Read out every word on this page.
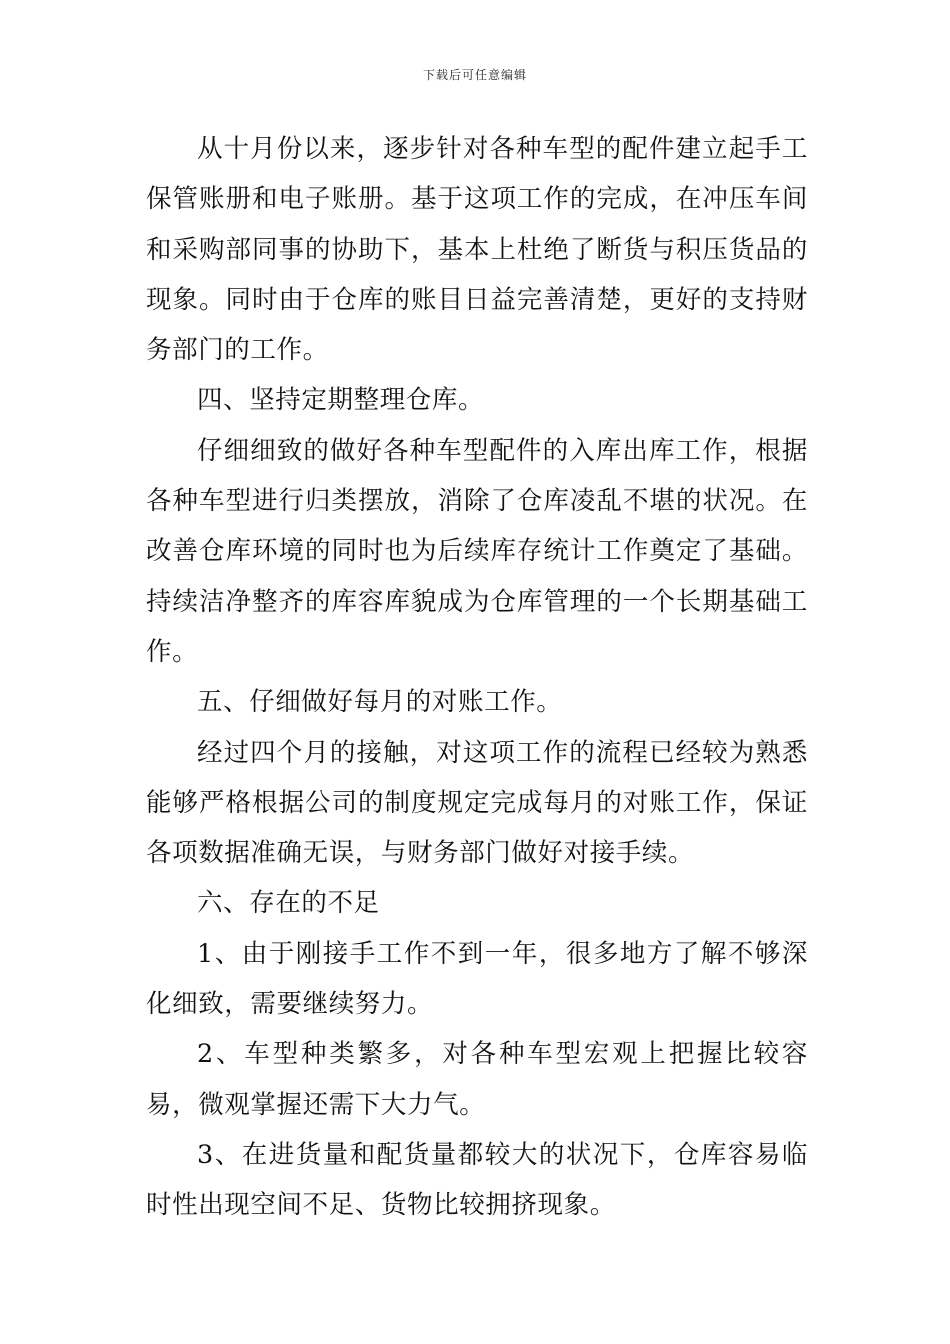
下载后可任意编辑

从十月份以来，逐步针对各种车型的配件建立起手工保管账册和电子账册。基于这项工作的完成，在冲压车间和采购部同事的协助下，基本上杜绝了断货与积压货品的现象。同时由于仓库的账目日益完善清楚，更好的支持财务部门的工作。

四、坚持定期整理仓库。

仔细细致的做好各种车型配件的入库出库工作，根据各种车型进行归类摆放，消除了仓库凌乱不堪的状况。在改善仓库环境的同时也为后续库存统计工作奠定了基础。持续洁净整齐的库容库貌成为仓库管理的一个长期基础工作。

五、仔细做好每月的对账工作。

经过四个月的接触，对这项工作的流程已经较为熟悉能够严格根据公司的制度规定完成每月的对账工作，保证各项数据准确无误，与财务部门做好对接手续。

六、存在的不足

1、由于刚接手工作不到一年，很多地方了解不够深化细致，需要继续努力。

2、车型种类繁多，对各种车型宏观上把握比较容易，微观掌握还需下大力气。

3、在进货量和配货量都较大的状况下，仓库容易临时性出现空间不足、货物比较拥挤现象。
